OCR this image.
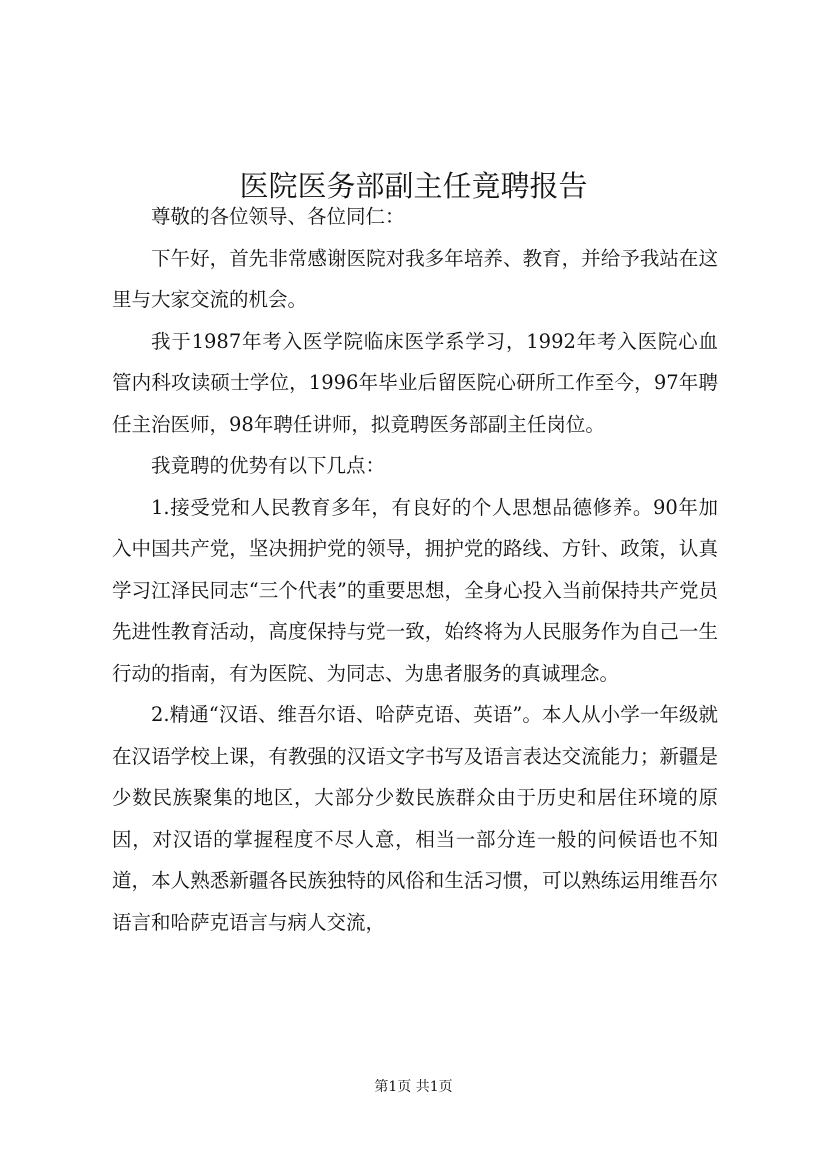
医院医务部副主任竟聘报告

尊敬的各位领导、各位同仁：

下午好，首先非常感谢医院对我多年培养、教育，并给予我站在这里与大家交流的机会。

我于1987年考入医学院临床医学系学习，1992年考入医院心血管内科攻读硕士学位，1996年毕业后留医院心研所工作至今，97年聘任主治医师，98年聘任讲师，拟竟聘医务部副主任岗位。

我竟聘的优势有以下几点：

1.接受党和人民教育多年，有良好的个人思想品德修养。90年加入中国共产党，坚决拥护党的领导，拥护党的路线、方针、政策，认真学习江泽民同志“三个代表”的重要思想，全身心投入当前保持共产党员先进性教育活动，高度保持与党一致，始终将为人民服务作为自己一生行动的指南，有为医院、为同志、为患者服务的真诚理念。

2.精通“汉语、维吾尔语、哈萨克语、英语”。本人从小学一年级就在汉语学校上课，有教强的汉语文字书写及语言表达交流能力；新疆是少数民族聚集的地区，大部分少数民族群众由于历史和居住环境的原因，对汉语的掌握程度不尽人意，相当一部分连一般的问候语也不知道，本人熟悉新疆各民族独特的风俗和生活习惯，可以熟练运用维吾尔语言和哈萨克语言与病人交流，

第1页 共1页
